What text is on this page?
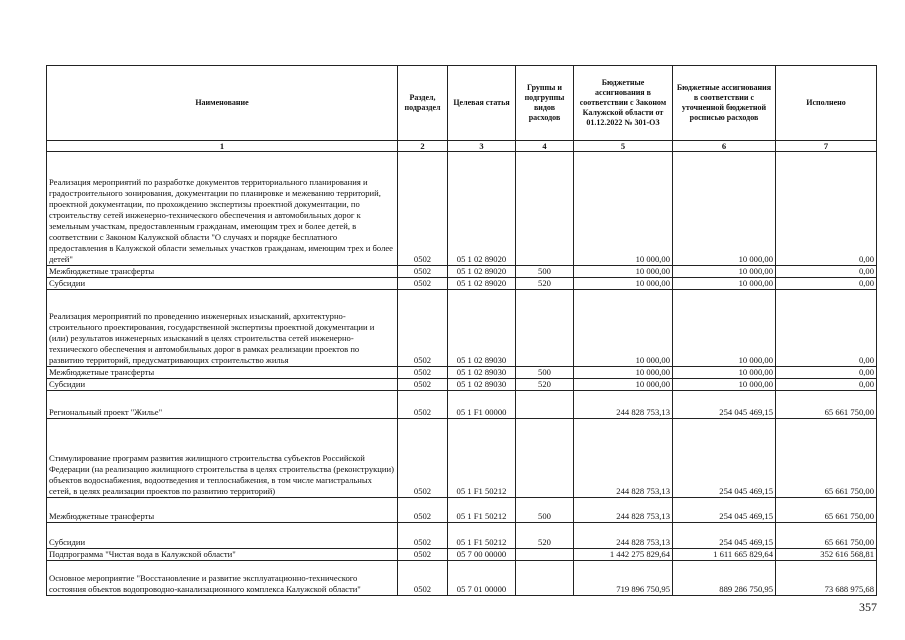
Наименование	Раздел, подраздел	Целевая статья	Группы и подгруппы видов расходов	Бюджетные ассигнования в соответствии с Законом Калужской области от 01.12.2022 № 301-ОЗ	Бюджетные ассигнования в соответствии с уточненной бюджетной росписью расходов	Исполнено
1	2	3	4	5	6	7
Реализация мероприятий по разработке документов территориального планирования и градостроительного зонирования, документации по планировке и межеванию территорий, проектной документации, по прохождению экспертизы проектной документации, по строительству сетей инженерно-технического обеспечения и автомобильных дорог к земельным участкам, предоставленным гражданам, имеющим трех и более детей, в соответствии с Законом Калужской области "О случаях и порядке бесплатного предоставления в Калужской области земельных участков гражданам, имеющим трех и более детей"	0502	05 1 02 89020		10 000,00	10 000,00	0,00
Межбюджетные трансферты	0502	05 1 02 89020	500	10 000,00	10 000,00	0,00
Субсидии	0502	05 1 02 89020	520	10 000,00	10 000,00	0,00
Реализация мероприятий по проведению инженерных изысканий, архитектурно-строительного проектирования, государственной экспертизы проектной документации и (или) результатов инженерных изысканий в целях строительства сетей инженерно-технического обеспечения и автомобильных дорог в рамках реализации проектов по развитию территорий, предусматривающих строительство жилья	0502	05 1 02 89030		10 000,00	10 000,00	0,00
Межбюджетные трансферты	0502	05 1 02 89030	500	10 000,00	10 000,00	0,00
Субсидии	0502	05 1 02 89030	520	10 000,00	10 000,00	0,00
Региональный проект "Жилье"	0502	05 1 F1 00000		244 828 753,13	254 045 469,15	65 661 750,00
Стимулирование программ развития жилищного строительства субъектов Российской Федерации (на реализацию жилищного строительства в целях строительства (реконструкции) объектов водоснабжения, водоотведения и теплоснабжения, в том числе магистральных сетей, в целях реализации проектов по развитию территорий)	0502	05 1 F1 50212		244 828 753,13	254 045 469,15	65 661 750,00
Межбюджетные трансферты	0502	05 1 F1 50212	500	244 828 753,13	254 045 469,15	65 661 750,00
Субсидии	0502	05 1 F1 50212	520	244 828 753,13	254 045 469,15	65 661 750,00
Подпрограмма "Чистая вода в Калужской области"	0502	05 7 00 00000		1 442 275 829,64	1 611 665 829,64	352 616 568,81
Основное мероприятие "Восстановление и развитие эксплуатационно-технического состояния объектов водопроводно-канализационного комплекса Калужской области"	0502	05 7 01 00000		719 896 750,95	889 286 750,95	73 688 975,68
357
